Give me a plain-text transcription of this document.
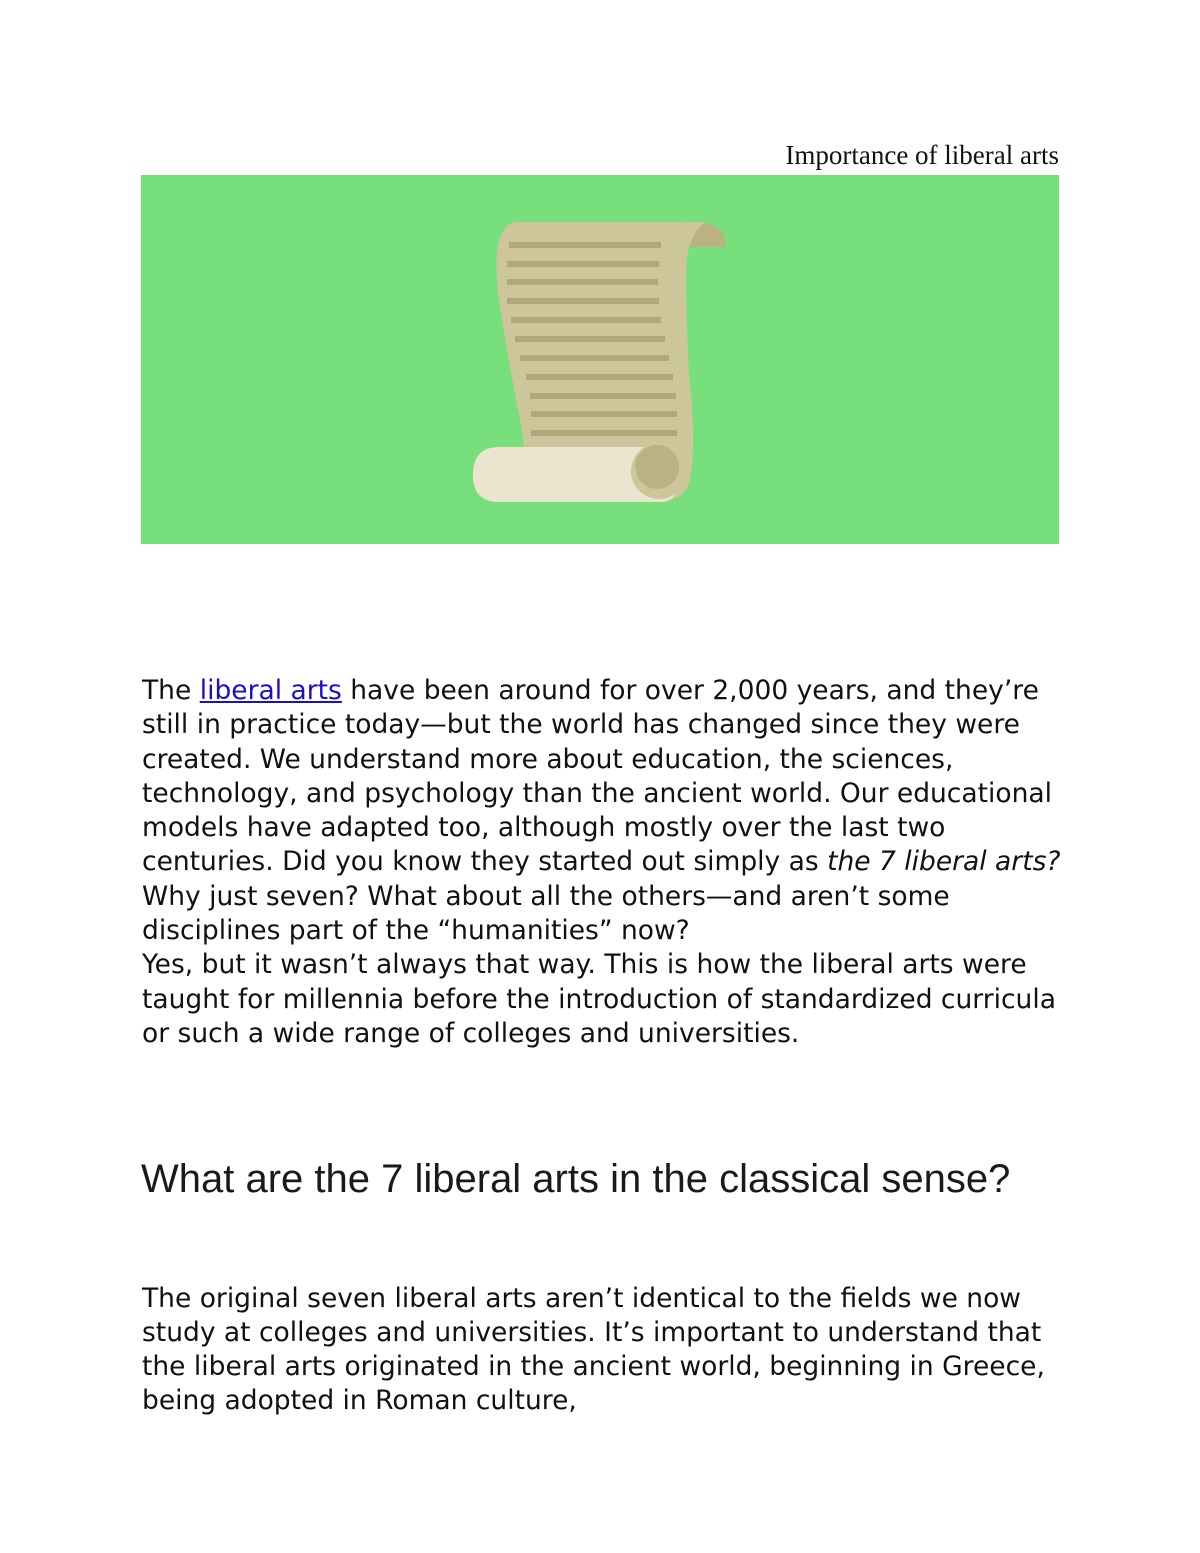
Importance of liberal arts

The liberal arts have been around for over 2,000 years, and they’re still in practice today—but the world has changed since they were created. We understand more about education, the sciences, technology, and psychology than the ancient world. Our educational models have adapted too, although mostly over the last two centuries. Did you know they started out simply as the 7 liberal arts?

Why just seven? What about all the others—and aren’t some disciplines part of the “humanities” now?

Yes, but it wasn’t always that way. This is how the liberal arts were taught for millennia before the introduction of standardized curricula or such a wide range of colleges and universities.

What are the 7 liberal arts in the classical sense?

The original seven liberal arts aren’t identical to the fields we now study at colleges and universities. It’s important to understand that the liberal arts originated in the ancient world, beginning in Greece, being adopted in Roman culture,
